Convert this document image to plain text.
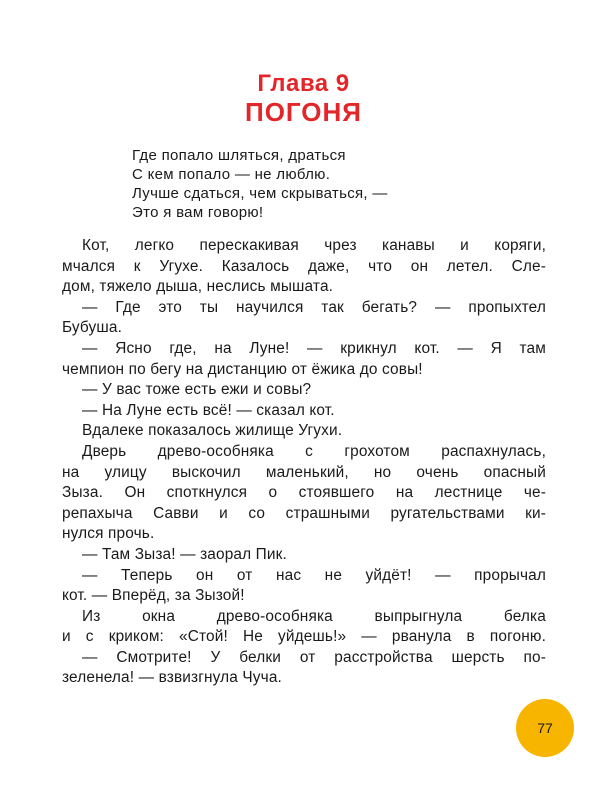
Глава 9
ПОГОНЯ
Где попало шляться, драться
С кем попало — не люблю.
Лучше сдаться, чем скрываться, —
Это я вам говорю!
Кот, легко перескакивая чрез канавы и коряги,
мчался к Угухе. Казалось даже, что он летел. Сле-
дом, тяжело дыша, неслись мышата.
— Где это ты научился так бегать? — пропыхтел
Бубуша.
— Ясно где, на Луне! — крикнул кот. — Я там
чемпион по бегу на дистанцию от ёжика до совы!
— У вас тоже есть ежи и совы?
— На Луне есть всё! — сказал кот.
Вдалеке показалось жилище Угухи.
Дверь древо-особняка с грохотом распахнулась,
на улицу выскочил маленький, но очень опасный
Зыза. Он споткнулся о стоявшего на лестнице че-
репахыча Савви и со страшными ругательствами ки-
нулся прочь.
— Там Зыза! — заорал Пик.
— Теперь он от нас не уйдёт! — прорычал
кот. — Вперёд, за Зызой!
Из окна древо-особняка выпрыгнула белка
и с криком: «Стой! Не уйдешь!» — рванула в погоню.
— Смотрите! У белки от расстройства шерсть по-
зеленела! — взвизгнула Чуча.
77
